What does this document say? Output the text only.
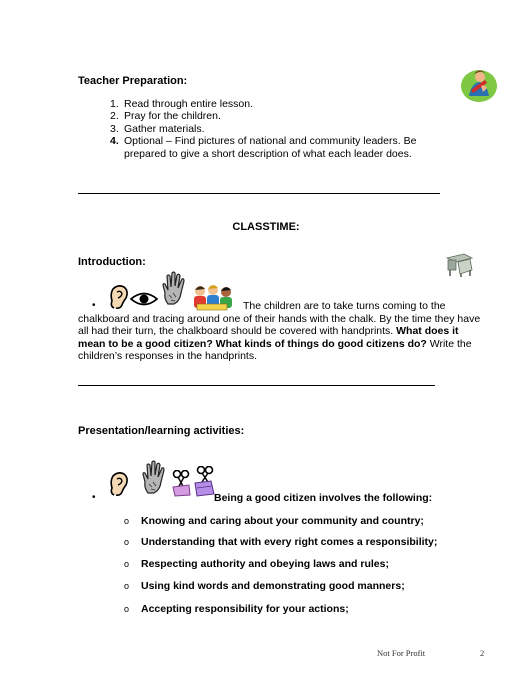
Teacher Preparation:
1. Read through entire lesson.
2. Pray for the children.
3. Gather materials.
4. Optional – Find pictures of national and community leaders. Be prepared to give a short description of what each leader does.
CLASSTIME:
Introduction:
•	The children are to take turns coming to the chalkboard and tracing around one of their hands with the chalk. By the time they have all had their turn, the chalkboard should be covered with handprints. What does it mean to be a good citizen? What kinds of things do good citizens do? Write the children’s responses in the handprints.
Presentation/learning activities:
•	Being a good citizen involves the following:
o Knowing and caring about your community and country;
o Understanding that with every right comes a responsibility;
o Respecting authority and obeying laws and rules;
o Using kind words and demonstrating good manners;
o Accepting responsibility for your actions;
Not For Profit	2
